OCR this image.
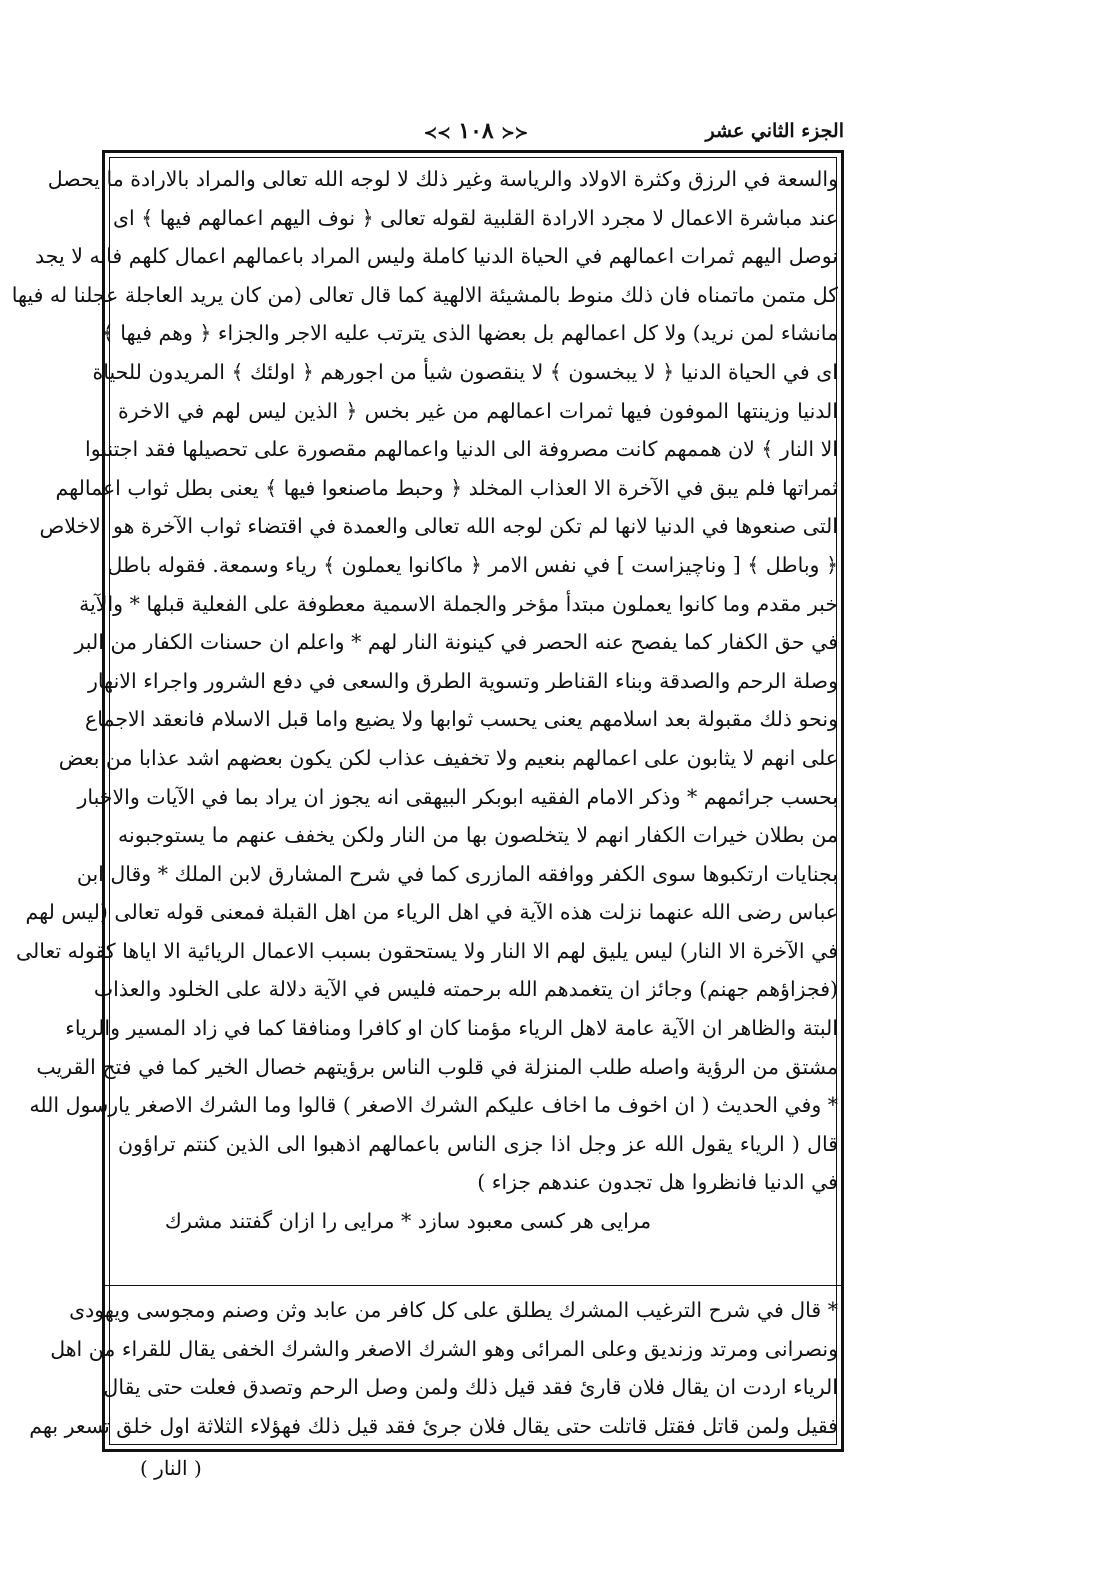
الجزء الثاني عشر
≺≺ ١٠٨ ≻≻
والسعة في الرزق وكثرة الاولاد والرياسة وغير ذلك لا لوجه الله تعالى والمراد بالارادة ما يحصل
عند مباشرة الاعمال لا مجرد الارادة القلبية لقوله تعالى ﴿ نوف اليهم اعمالهم فيها ﴾ اى
نوصل اليهم ثمرات اعمالهم في الحياة الدنيا كاملة وليس المراد باعمالهم اعمال كلهم فانه لا يجد
كل متمن ماتمناه فان ذلك منوط بالمشيئة الالهية كما قال تعالى (من كان يريد العاجلة عجلنا له فيها
مانشاء لمن نريد) ولا كل اعمالهم بل بعضها الذى يترتب عليه الاجر والجزاء ﴿ وهم فيها ﴾
اى في الحياة الدنيا ﴿ لا يبخسون ﴾ لا ينقصون شيأ من اجورهم ﴿ اولئك ﴾ المريدون للحياة
الدنيا وزينتها الموفون فيها ثمرات اعمالهم من غير بخس ﴿ الذين ليس لهم في الاخرة
الا النار ﴾ لان هممهم كانت مصروفة الى الدنيا واعمالهم مقصورة على تحصيلها فقد اجتنبوا
ثمراتها فلم يبق في الآخرة الا العذاب المخلد ﴿ وحبط ماصنعوا فيها ﴾ يعنى بطل ثواب اعمالهم
التى صنعوها في الدنيا لانها لم تكن لوجه الله تعالى والعمدة في اقتضاء ثواب الآخرة هو الاخلاص
﴿ وباطل ﴾ [ وناچيزاست ] في نفس الامر ﴿ ماكانوا يعملون ﴾ رياء وسمعة. فقوله باطل
خبر مقدم وما كانوا يعملون مبتدأ مؤخر والجملة الاسمية معطوفة على الفعلية قبلها * والآية
في حق الكفار كما يفصح عنه الحصر في كينونة النار لهم * واعلم ان حسنات الكفار من البر
وصلة الرحم والصدقة وبناء القناطر وتسوية الطرق والسعى في دفع الشرور واجراء الانهار
ونحو ذلك مقبولة بعد اسلامهم يعنى يحسب ثوابها ولا يضيع واما قبل الاسلام فانعقد الاجماع
على انهم لا يثابون على اعمالهم بنعيم ولا تخفيف عذاب لكن يكون بعضهم اشد عذابا من بعض
بحسب جرائمهم * وذكر الامام الفقيه ابوبكر البيهقى انه يجوز ان يراد بما في الآيات والاخبار
من بطلان خيرات الكفار انهم لا يتخلصون بها من النار ولكن يخفف عنهم ما يستوجبونه
بجنايات ارتكبوها سوى الكفر ووافقه المازرى كما في شرح المشارق لابن الملك * وقال ابن
عباس رضى الله عنهما نزلت هذه الآية في اهل الرياء من اهل القبلة فمعنى قوله تعالى (ليس لهم
في الآخرة الا النار) ليس يليق لهم الا النار ولا يستحقون بسبب الاعمال الريائية الا اياها كقوله تعالى
(فجزاؤهم جهنم) وجائز ان يتغمدهم الله برحمته فليس في الآية دلالة على الخلود والعذاب
البتة والظاهر ان الآية عامة لاهل الرياء مؤمنا كان او كافرا ومنافقا كما في زاد المسير والرياء
مشتق من الرؤية واصله طلب المنزلة في قلوب الناس برؤيتهم خصال الخير كما في فتح القريب
* وفي الحديث ( ان اخوف ما اخاف عليكم الشرك الاصغر ) قالوا وما الشرك الاصغر يارسول الله
قال ( الرياء يقول الله عز وجل اذا جزى الناس باعمالهم اذهبوا الى الذين كنتم تراؤون
في الدنيا فانظروا هل تجدون عندهم جزاء )
مرايى هر كسى معبود سازد * مرايى را ازان گفتند مشرك
* قال في شرح الترغيب المشرك يطلق على كل كافر من عابد وثن وصنم ومجوسى ويهودى
ونصرانى ومرتد وزنديق وعلى المرائى وهو الشرك الاصغر والشرك الخفى يقال للقراء من اهل
الرياء اردت ان يقال فلان قارئ فقد قيل ذلك ولمن وصل الرحم وتصدق فعلت حتى يقال
فقيل ولمن قاتل فقتل قاتلت حتى يقال فلان جرئ فقد قيل ذلك فهؤلاء الثلاثة اول خلق تسعر بهم
( النار )
